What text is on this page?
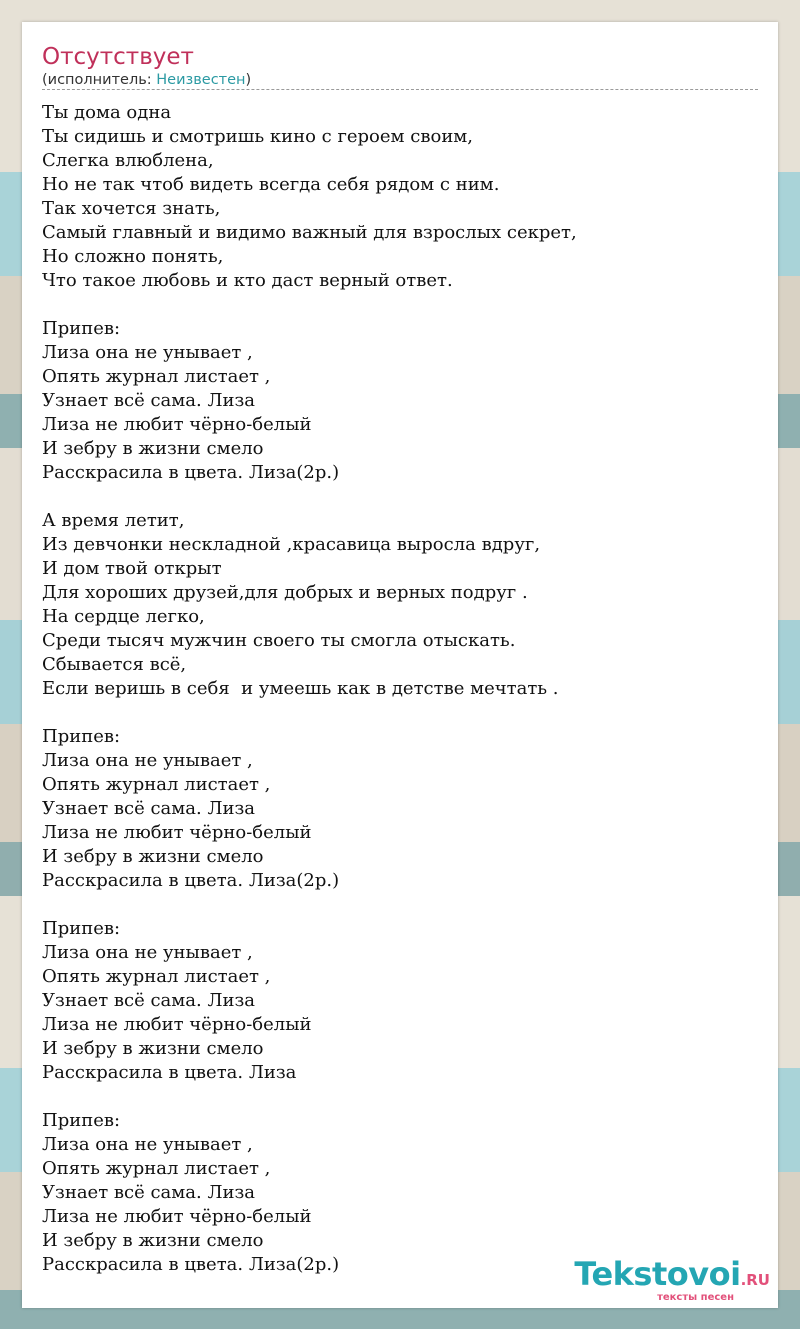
Отсутствует
(исполнитель: Неизвестен)
Ты дома одна
Ты сидишь и смотришь кино с героем своим,
Слегка влюблена,
Но не так чтоб видеть всегда себя рядом с ним.
Так хочется знать,
Самый главный и видимо важный для взрослых секрет,
Но сложно понять,
Что такое любовь и кто даст верный ответ.

Припев:
Лиза она не унывает ,
Опять журнал листает ,
Узнает всё сама. Лиза
Лиза не любит чёрно-белый
И зебру в жизни смело
Расскрасила в цвета. Лиза(2р.)

А время летит,
Из девчонки нескладной ,красавица выросла вдруг,
И дом твой открыт
Для хороших друзей,для добрых и верных подруг .
На сердце легко,
Среди тысяч мужчин своего ты смогла отыскать.
Сбывается всё,
Если веришь в себя  и умеешь как в детстве мечтать .

Припев:
Лиза она не унывает ,
Опять журнал листает ,
Узнает всё сама. Лиза
Лиза не любит чёрно-белый
И зебру в жизни смело
Расскрасила в цвета. Лиза(2р.)

Припев:
Лиза она не унывает ,
Опять журнал листает ,
Узнает всё сама. Лиза
Лиза не любит чёрно-белый
И зебру в жизни смело
Расскрасила в цвета. Лиза

Припев:
Лиза она не унывает ,
Опять журнал листает ,
Узнает всё сама. Лиза
Лиза не любит чёрно-белый
И зебру в жизни смело
Расскрасила в цвета. Лиза(2р.)	Tekstovoi.RU
тексты песен
